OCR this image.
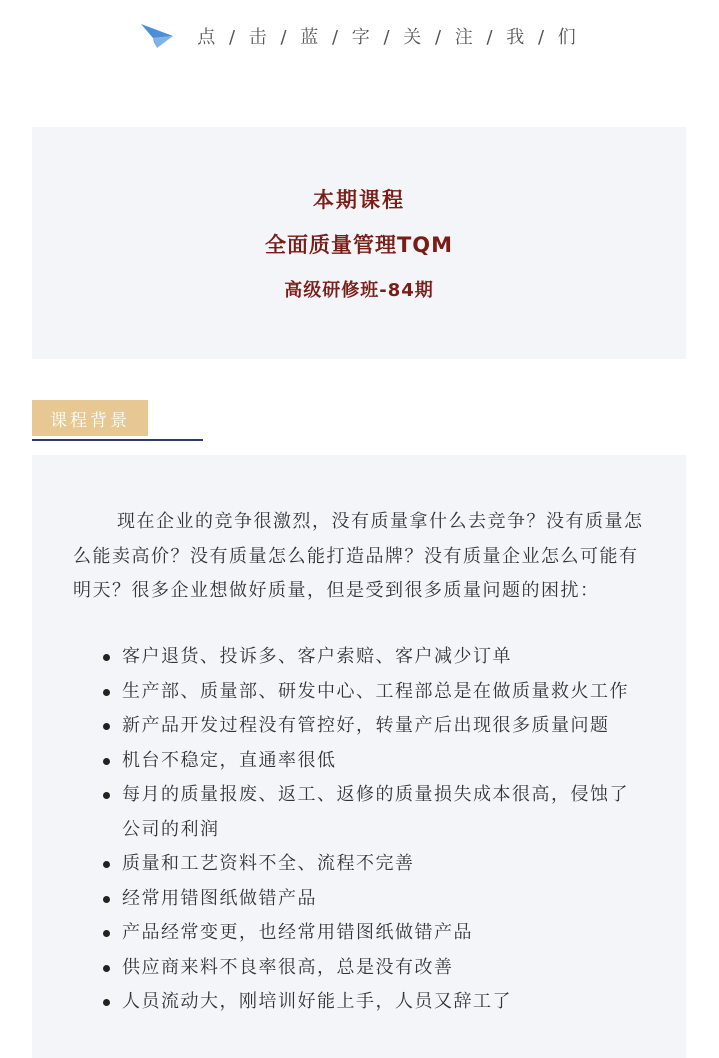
点 / 击 / 蓝 / 字 / 关 / 注 / 我 / 们
本期课程
全面质量管理TQM
高级研修班-84期
课程背景

现在企业的竞争很激烈，没有质量拿什么去竞争？没有质量怎么能卖高价？没有质量怎么能打造品牌？没有质量企业怎么可能有明天？很多企业想做好质量，但是受到很多质量问题的困扰：

客户退货、投诉多、客户索赔、客户减少订单
生产部、质量部、研发中心、工程部总是在做质量救火工作
新产品开发过程没有管控好，转量产后出现很多质量问题
机台不稳定，直通率很低
每月的质量报废、返工、返修的质量损失成本很高，侵蚀了公司的利润
质量和工艺资料不全、流程不完善
经常用错图纸做错产品
产品经常变更，也经常用错图纸做错产品
供应商来料不良率很高，总是没有改善
人员流动大，刚培训好能上手，人员又辞工了
